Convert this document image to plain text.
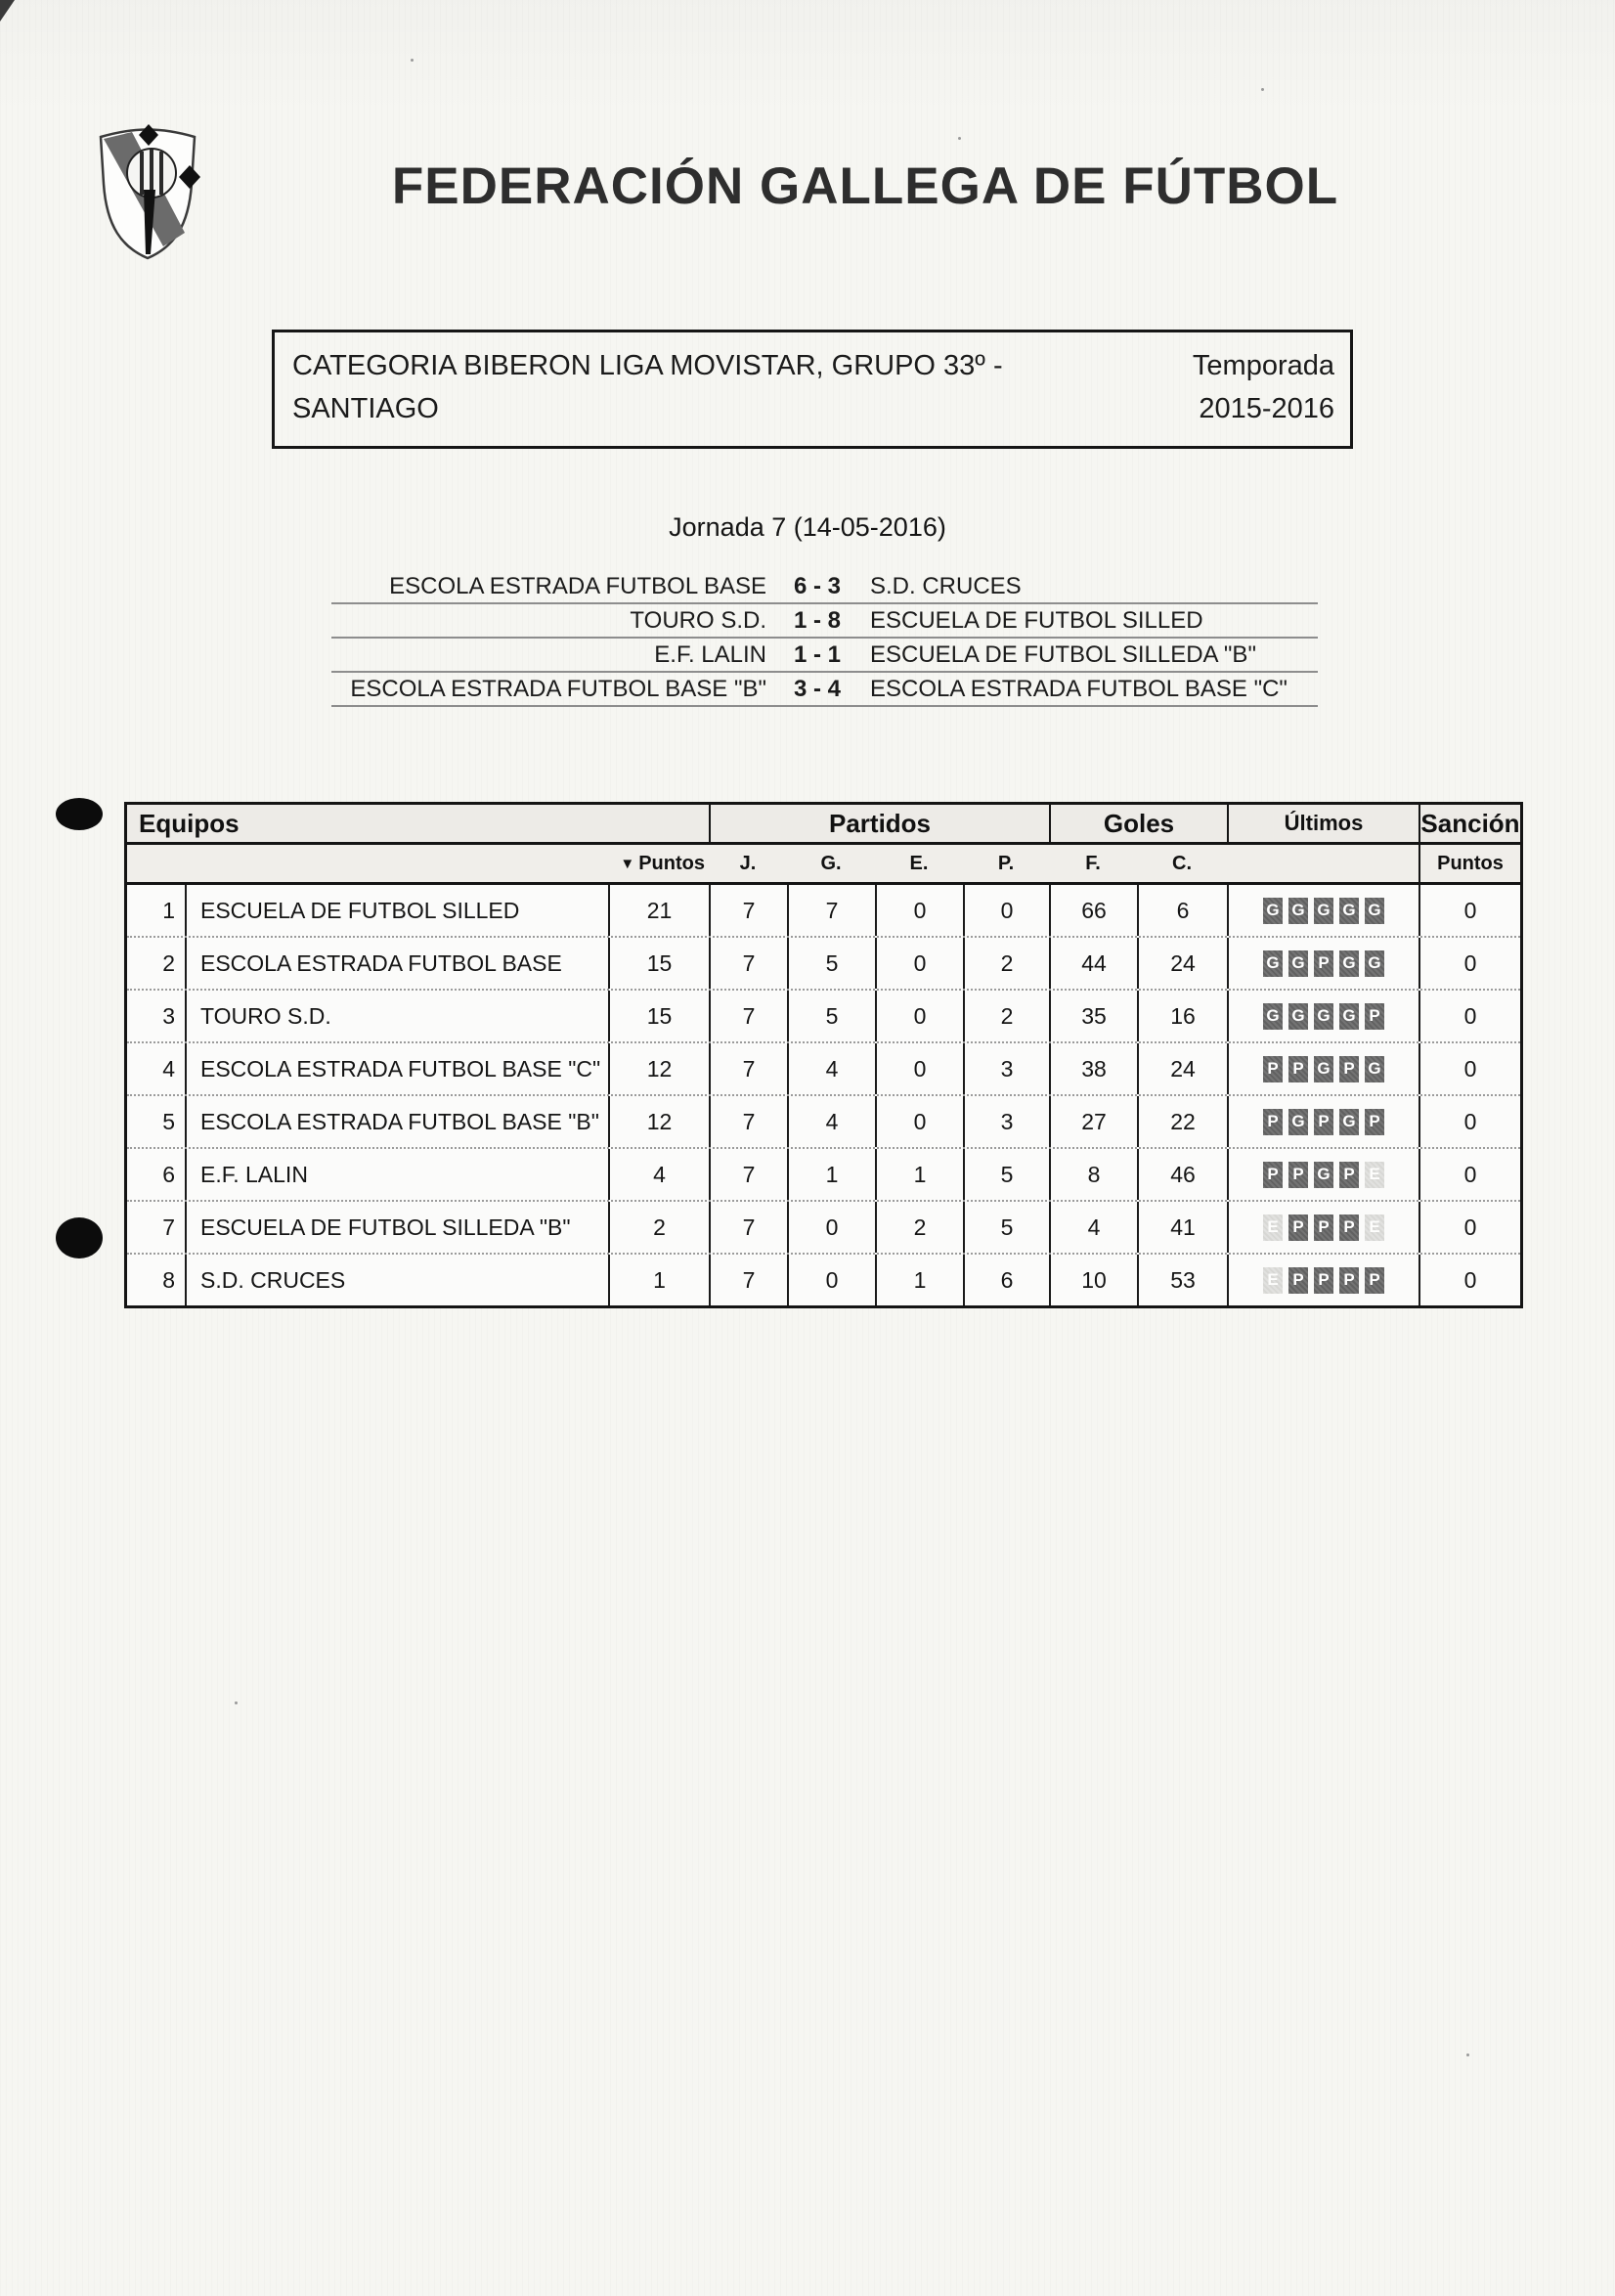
FEDERACIÓN GALLEGA DE FÚTBOL
CATEGORIA BIBERON LIGA MOVISTAR, GRUPO 33º - SANTIAGO
Temporada
2015-2016
Jornada 7 (14-05-2016)
ESCOLA ESTRADA FUTBOL BASE	6 - 3	S.D. CRUCES
TOURO S.D.	1 - 8	ESCUELA DE FUTBOL SILLED
E.F. LALIN	1 - 1	ESCUELA DE FUTBOL SILLEDA "B"
ESCOLA ESTRADA FUTBOL BASE "B"	3 - 4	ESCOLA ESTRADA FUTBOL BASE "C"
Equipos	Partidos	Goles	Últimos	Sanción
▼ Puntos	J.	G.	E.	P.	F.	C.	Puntos
1	ESCUELA DE FUTBOL SILLED	21	7	7	0	0	66	6	G G G G G	0
2	ESCOLA ESTRADA FUTBOL BASE	15	7	5	0	2	44	24	G G P G G	0
3	TOURO S.D.	15	7	5	0	2	35	16	G G G G P	0
4	ESCOLA ESTRADA FUTBOL BASE "C"	12	7	4	0	3	38	24	P P G P G	0
5	ESCOLA ESTRADA FUTBOL BASE "B"	12	7	4	0	3	27	22	P G P G P	0
6	E.F. LALIN	4	7	1	1	5	8	46	P P G P E	0
7	ESCUELA DE FUTBOL SILLEDA "B"	2	7	0	2	5	4	41	E P P P E	0
8	S.D. CRUCES	1	7	0	1	6	10	53	E P P P P	0
